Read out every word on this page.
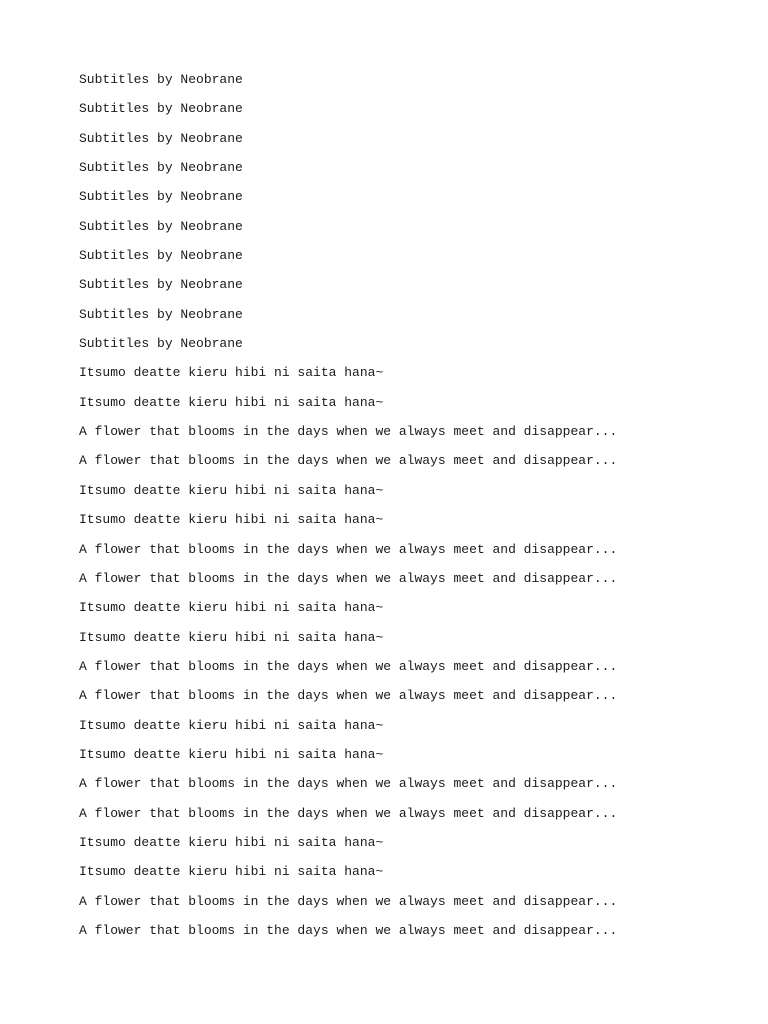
Subtitles by Neobrane
Subtitles by Neobrane
Subtitles by Neobrane
Subtitles by Neobrane
Subtitles by Neobrane
Subtitles by Neobrane
Subtitles by Neobrane
Subtitles by Neobrane
Subtitles by Neobrane
Subtitles by Neobrane
Itsumo deatte kieru hibi ni saita hana~
Itsumo deatte kieru hibi ni saita hana~
A flower that blooms in the days when we always meet and disappear...
A flower that blooms in the days when we always meet and disappear...
Itsumo deatte kieru hibi ni saita hana~
Itsumo deatte kieru hibi ni saita hana~
A flower that blooms in the days when we always meet and disappear...
A flower that blooms in the days when we always meet and disappear...
Itsumo deatte kieru hibi ni saita hana~
Itsumo deatte kieru hibi ni saita hana~
A flower that blooms in the days when we always meet and disappear...
A flower that blooms in the days when we always meet and disappear...
Itsumo deatte kieru hibi ni saita hana~
Itsumo deatte kieru hibi ni saita hana~
A flower that blooms in the days when we always meet and disappear...
A flower that blooms in the days when we always meet and disappear...
Itsumo deatte kieru hibi ni saita hana~
Itsumo deatte kieru hibi ni saita hana~
A flower that blooms in the days when we always meet and disappear...
A flower that blooms in the days when we always meet and disappear...
